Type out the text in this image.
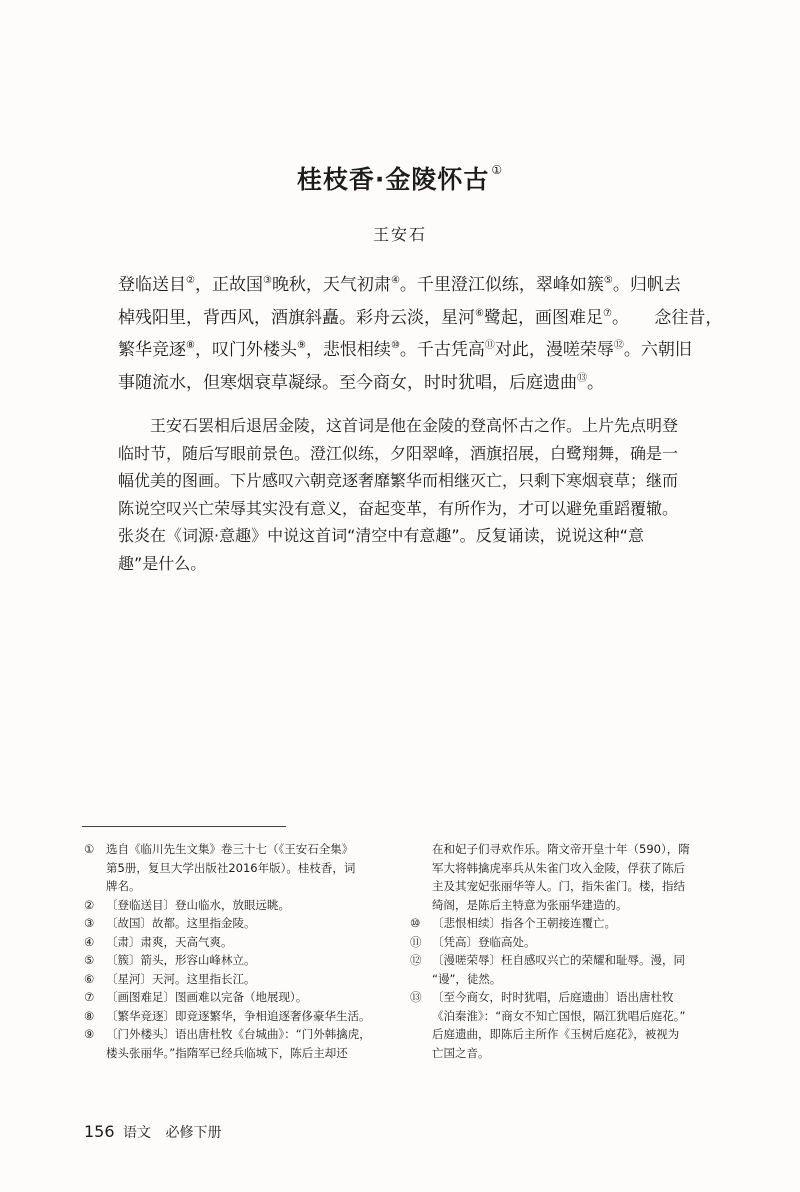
桂枝香·金陵怀古 ①
王安石
登临送目②，正故国③晚秋，天气初肃④。千里澄江似练，翠峰如簇⑤。归帆去
棹残阳里，背西风，酒旗斜矗。彩舟云淡，星河⑥鹭起，画图难足⑦。　　念往昔，
繁华竞逐⑧，叹门外楼头⑨，悲恨相续⑩。千古凭高⑪对此，漫嗟荣辱⑫。六朝旧
事随流水，但寒烟衰草凝绿。至今商女，时时犹唱，后庭遗曲⑬。
王安石罢相后退居金陵，这首词是他在金陵的登高怀古之作。上片先点明登
临时节，随后写眼前景色。澄江似练，夕阳翠峰，酒旗招展，白鹭翔舞，确是一
幅优美的图画。下片感叹六朝竞逐奢靡繁华而相继灭亡，只剩下寒烟衰草；继而
陈说空叹兴亡荣辱其实没有意义，奋起变革，有所作为，才可以避免重蹈覆辙。
张炎在《词源·意趣》中说这首词“清空中有意趣”。反复诵读，说说这种“意
趣”是什么。
①	选自《临川先生文集》卷三十七（《王安石全集》
第5册，复旦大学出版社2016年版）。桂枝香，词
牌名。
②	〔登临送目〕登山临水，放眼远眺。
③	〔故国〕故都。这里指金陵。
④	〔肃〕肃爽，天高气爽。
⑤	〔簇〕箭头，形容山峰林立。
⑥	〔星河〕天河。这里指长江。
⑦	〔画图难足〕图画难以完备（地展现）。
⑧	〔繁华竞逐〕即竞逐繁华，争相追逐奢侈豪华生活。
⑨	〔门外楼头〕语出唐杜牧《台城曲》：“门外韩擒虎，
楼头张丽华。”指隋军已经兵临城下，陈后主却还
在和妃子们寻欢作乐。隋文帝开皇十年（590），隋
军大将韩擒虎率兵从朱雀门攻入金陵，俘获了陈后
主及其宠妃张丽华等人。门，指朱雀门。楼，指结
绮阁，是陈后主特意为张丽华建造的。
⑩	〔悲恨相续〕指各个王朝接连覆亡。
⑪ 〔凭高〕登临高处。
⑫ 〔漫嗟荣辱〕枉自感叹兴亡的荣耀和耻辱。漫，同
“谩”，徒然。
⑬ 〔至今商女，时时犹唱，后庭遗曲〕语出唐杜牧
《泊秦淮》：“商女不知亡国恨，隔江犹唱后庭花。”
后庭遗曲，即陈后主所作《玉树后庭花》，被视为
亡国之音。
156 语文 必修下册
